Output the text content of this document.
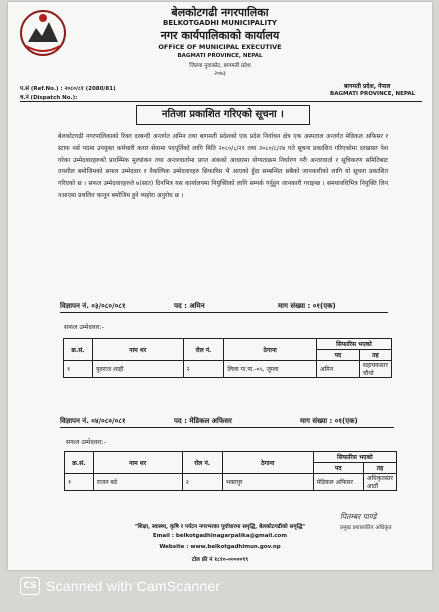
बेलकोटगढी नगरपालिका
BELKOTGADHI MUNICIPALITY
नगर कार्यपालिकाको कार्यालय
OFFICE OF MUNICIPAL EXECUTIVE
BAGMATI PROVINCE, NEPAL
जिल्ला नुवाकोट, बागमती प्रदेश
२०७३
बागमती प्रदेश, नेपाल
BAGMATI PROVINCE, NEPAL
प.सं (Ref.No.) : २०८०/८१ (2080/81)
च.नं (Dispatch No.):
नतिजा प्रकाशित गरिएको सूचना ।
बेलकोटगढी नगरपालिकाको रिक्त दरबन्दी अन्तर्गत अमिन तथा बागमती प्रदेशको एक प्रदेश निर्वाचन क्षेत्र एक अस्पताल अन्तर्गत मेडिकल अफिसर र स्टाफ नर्स पदमा उपयुक्त कर्मचारी करार सेवामा पदपूर्तिको लागि मिति २०८०/८/२१ तथा २०८०/८/२४ गते सूचना प्रकाशित गरिएकोमा दरखास्त पेश गरेका उम्मेदवारहरुको प्रारम्भिक मुल्यांकन तथा अन्तरवार्तामा प्राप्त अंकको आधारमा योग्यताक्रम निर्धारण गरी अन्तरवार्ता र सूचिकरण समितिबाट तपशील बमोजिमको सफल उम्मेदवार र वैकल्पिक उम्मेदवारहरु सिफारिस भै आएको हुँदा सम्बन्धित सबैको जानकारीको लागि यो सूचना प्रकाशित गरिएको छ । सफल उम्मेदवारहरुले ७(सात) दिनभित्र यस कार्यालयमा नियुक्तिको लागि सम्पर्क गर्नुहुन जानकारी गराइन्छ । समयावधिभित्र नियुक्ति लिन नआएमा प्रचलित कानून बमोजिम हुने व्यहोरा अनुरोध छ ।
विज्ञापन नं. ०३/०८०/०८१	पद : अमिन	माग संख्या : ०१(एक)
सफल उम्मेदवार:-
क्र.सं.	नाम थर	रोल नं.	ठेगाना	सिफारिस भएको	
				पद	तह
१	युवराज शाही	२	लिला गा.पा.-०५, जुम्ला	अमिन	सहायकस्तर चौथो
विज्ञापन नं. ०४/०८०/०८१	पद : मेडिकल अफिसर	माग संख्या : ०१(एक)
सफल उम्मेदवार:-
क्र.सं.	नाम थर	रोल नं.	ठेगाना	सिफारिस भएको	
				पद	तह
१	राजन बडे	२	भक्तपुर	मेडिकल अफिसर	अधिकृतस्तर आठौं
पितम्बर पाण्डे
प्रमुख प्रशासकीय अधिकृत
"शिक्षा, स्वास्थ्य, कृषि र पर्यटन नगरभरका पूर्वाधारमा समृद्धि, बेलकोटगढीको समृद्धि"
Email : belkotgadhinagarpalika@gmail.com
Website : www.belkotgadhimun.gov.np
टोल फ्री नं १८१०-०००००९९
CS Scanned with CamScanner
